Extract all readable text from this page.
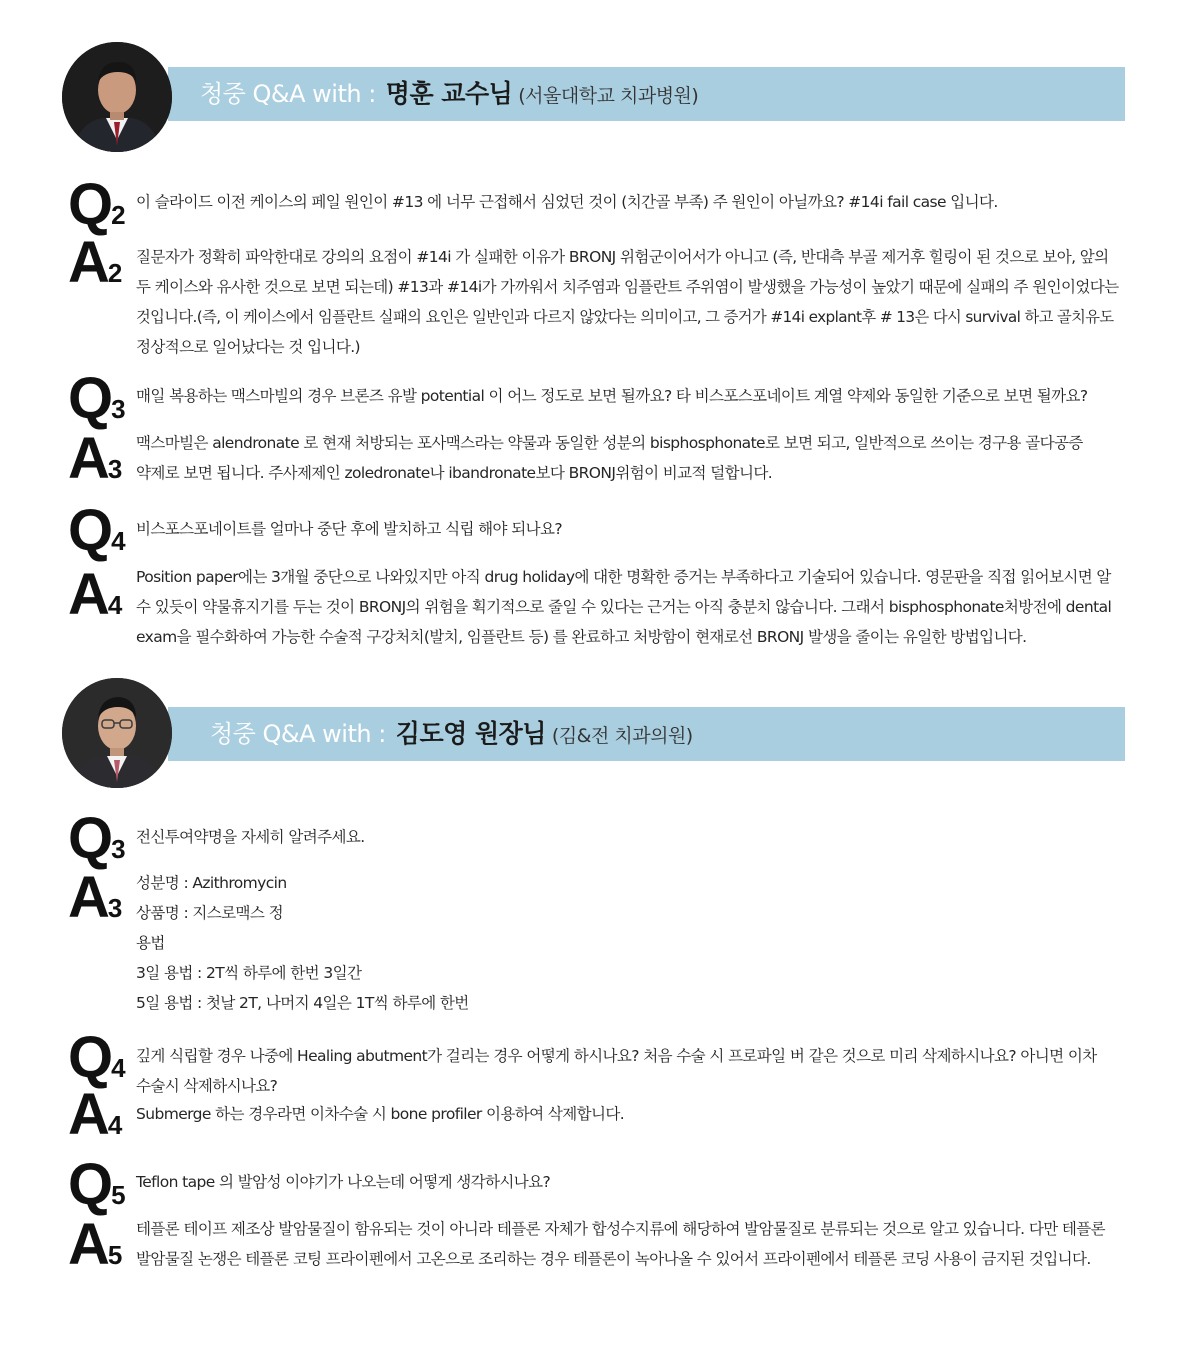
청중 Q&A with : 명훈 교수님 (서울대학교 치과병원)
Q2 이 슬라이드 이전 케이스의 페일 원인이 #13 에 너무 근접해서 심었던 것이 (치간골 부족) 주 원인이 아닐까요? #14i fail case 입니다.
A2
질문자가 정확히 파악한대로 강의의 요점이 #14i 가 실패한 이유가 BRONJ 위험군이어서가 아니고 (즉, 반대측 부골 제거후 힐링이 된 것으로 보아, 앞의
두 케이스와 유사한 것으로 보면 되는데) #13과 #14i가 가까워서 치주염과 임플란트 주위염이 발생했을 가능성이 높았기 때문에 실패의 주 원인이었다는
것입니다.(즉, 이 케이스에서 임플란트 실패의 요인은 일반인과 다르지 않았다는 의미이고, 그 증거가 #14i explant후 # 13은 다시 survival 하고 골치유도
정상적으로 일어났다는 것 입니다.)
Q3 매일 복용하는 맥스마빌의 경우 브론즈 유발 potential 이 어느 정도로 보면 될까요? 타 비스포스포네이트 계열 약제와 동일한 기준으로 보면 될까요?
A3
맥스마빌은 alendronate 로 현재 처방되는 포사맥스라는 약물과 동일한 성분의 bisphosphonate로 보면 되고, 일반적으로 쓰이는 경구용 골다공증
약제로 보면 됩니다. 주사제제인 zoledronate나 ibandronate보다 BRONJ위험이 비교적 덜합니다.
Q4 비스포스포네이트를 얼마나 중단 후에 발치하고 식립 해야 되나요?
A4
Position paper에는 3개월 중단으로 나와있지만 아직 drug holiday에 대한 명확한 증거는 부족하다고 기술되어 있습니다. 영문판을 직접 읽어보시면 알
수 있듯이 약물휴지기를 두는 것이 BRONJ의 위험을 획기적으로 줄일 수 있다는 근거는 아직 충분치 않습니다. 그래서 bisphosphonate처방전에 dental
exam을 필수화하여 가능한 수술적 구강처치(발치, 임플란트 등) 를 완료하고 처방함이 현재로선 BRONJ 발생을 줄이는 유일한 방법입니다.
청중 Q&A with : 김도영 원장님 (김&전 치과의원)
Q3 전신투여약명을 자세히 알려주세요.
A3
성분명 : Azithromycin
상품명 : 지스로맥스 정
용법
3일 용법 : 2T씩 하루에 한번 3일간
5일 용법 : 첫날 2T, 나머지 4일은 1T씩 하루에 한번
Q4 깊게 식립할 경우 나중에 Healing abutment가 걸리는 경우 어떻게 하시나요? 처음 수술 시 프로파일 버 같은 것으로 미리 삭제하시나요? 아니면 이차
수술시 삭제하시나요?
A4 Submerge 하는 경우라면 이차수술 시 bone profiler 이용하여 삭제합니다.
Q5 Teflon tape 의 발암성 이야기가 나오는데 어떻게 생각하시나요?
A5
테플론 테이프 제조상 발암물질이 함유되는 것이 아니라 테플론 자체가 합성수지류에 해당하여 발암물질로 분류되는 것으로 알고 있습니다. 다만 테플론
발암물질 논쟁은 테플론 코팅 프라이펜에서 고온으로 조리하는 경우 테플론이 녹아나올 수 있어서 프라이펜에서 테플론 코딩 사용이 금지된 것입니다.
